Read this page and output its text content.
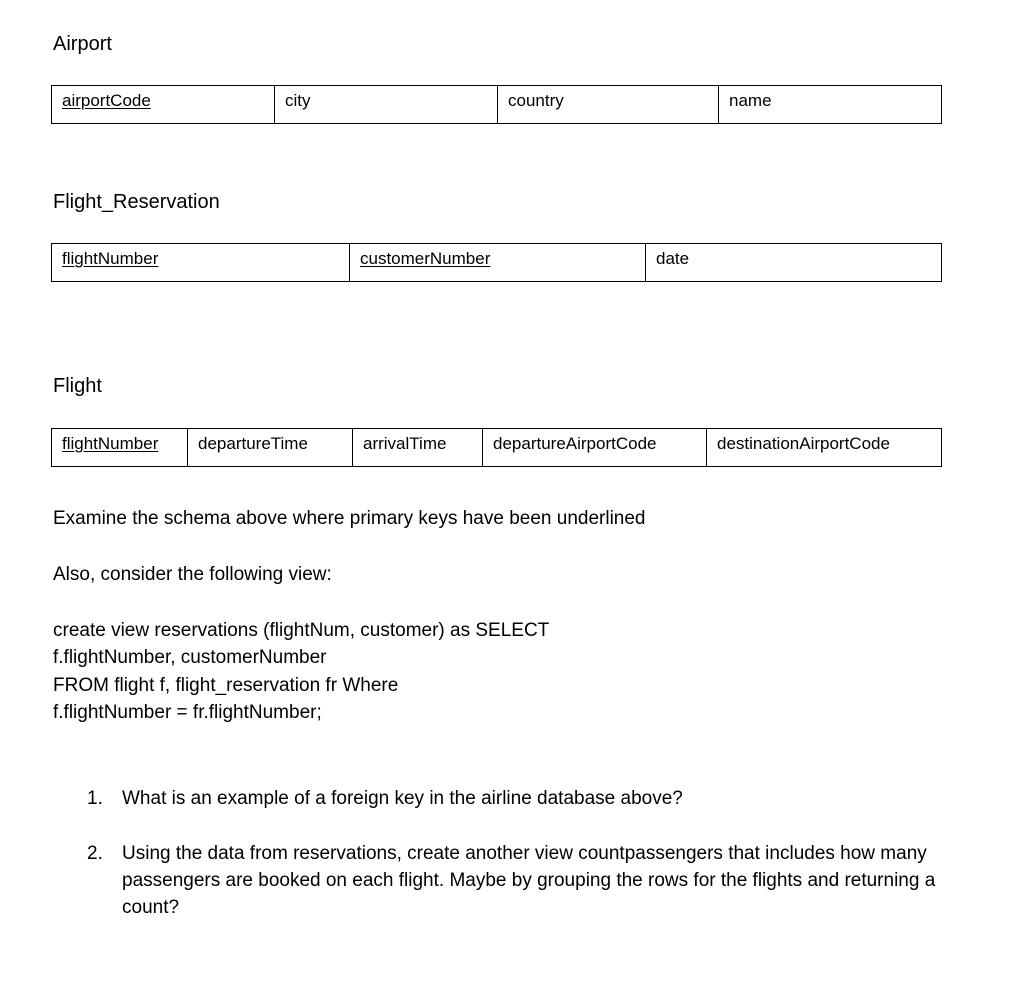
Airport
airportCode	city	country	name
Flight_Reservation
flightNumber	customerNumber	date
Flight
flightNumber	departureTime	arrivalTime	departureAirportCode	destinationAirportCode
Examine the schema above where primary keys have been underlined
Also, consider the following view:
create view reservations (flightNum, customer) as SELECT
f.flightNumber, customerNumber
FROM flight f, flight_reservation fr Where
f.flightNumber = fr.flightNumber;
1.	What is an example of a foreign key in the airline database above?
2.	Using the data from reservations, create another view countpassengers that includes how many passengers are booked on each flight. Maybe by grouping the rows for the flights and returning a count?
